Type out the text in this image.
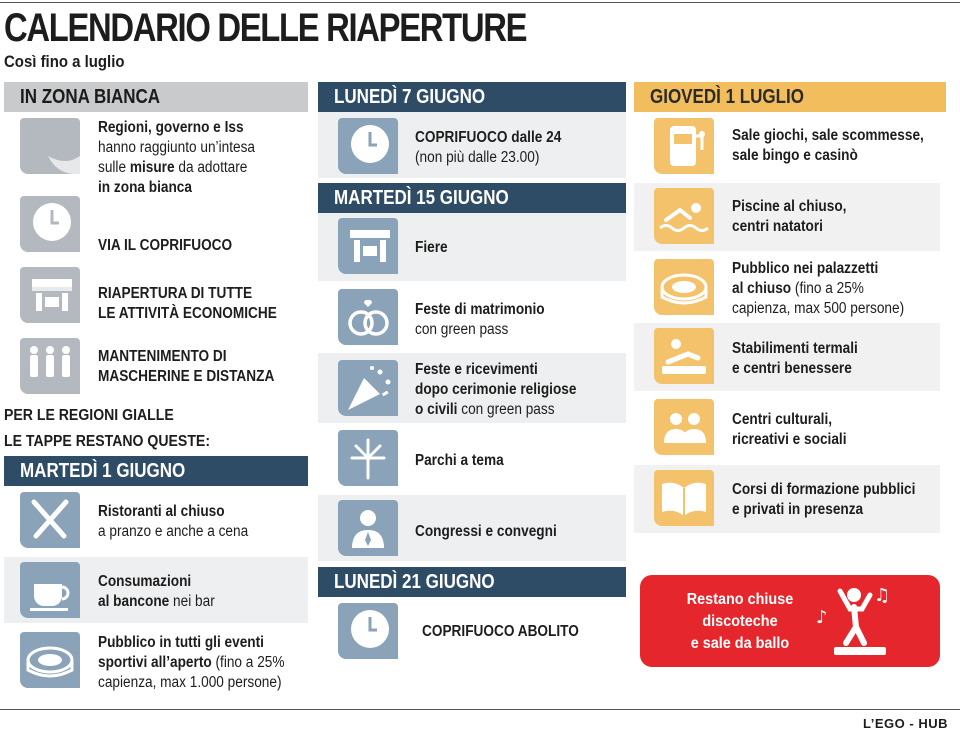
CALENDARIO DELLE RIAPERTURE
Così fino a luglio
IN ZONA BIANCA
Regioni, governo e Iss
hanno raggiunto un’intesa
sulle misure da adottare
in zona bianca
VIA IL COPRIFUOCO
RIAPERTURA DI TUTTE
LE ATTIVITÀ ECONOMICHE
MANTENIMENTO DI
MASCHERINE E DISTANZA
PER LE REGIONI GIALLE
LE TAPPE RESTANO QUESTE:
MARTEDÌ 1 GIUGNO
Ristoranti al chiuso
a pranzo e anche a cena
Consumazioni
al bancone nei bar
Pubblico in tutti gli eventi
sportivi all’aperto (fino a 25%
capienza, max 1.000 persone)
LUNEDÌ 7 GIUGNO
COPRIFUOCO dalle 24
(non più dalle 23.00)
MARTEDÌ 15 GIUGNO
Fiere
Feste di matrimonio
con green pass
Feste e ricevimenti
dopo cerimonie religiose
o civili con green pass
Parchi a tema
Congressi e convegni
LUNEDÌ 21 GIUGNO
COPRIFUOCO ABOLITO
GIOVEDÌ 1 LUGLIO
Sale giochi, sale scommesse,
sale bingo e casinò
Piscine al chiuso,
centri natatori
Pubblico nei palazzetti
al chiuso (fino a 25%
capienza, max 500 persone)
Stabilimenti termali
e centri benessere
Centri culturali,
ricreativi e sociali
Corsi di formazione pubblici
e privati in presenza
Restano chiuse
discoteche
e sale da ballo
♫
♪
L’EGO - HUB
